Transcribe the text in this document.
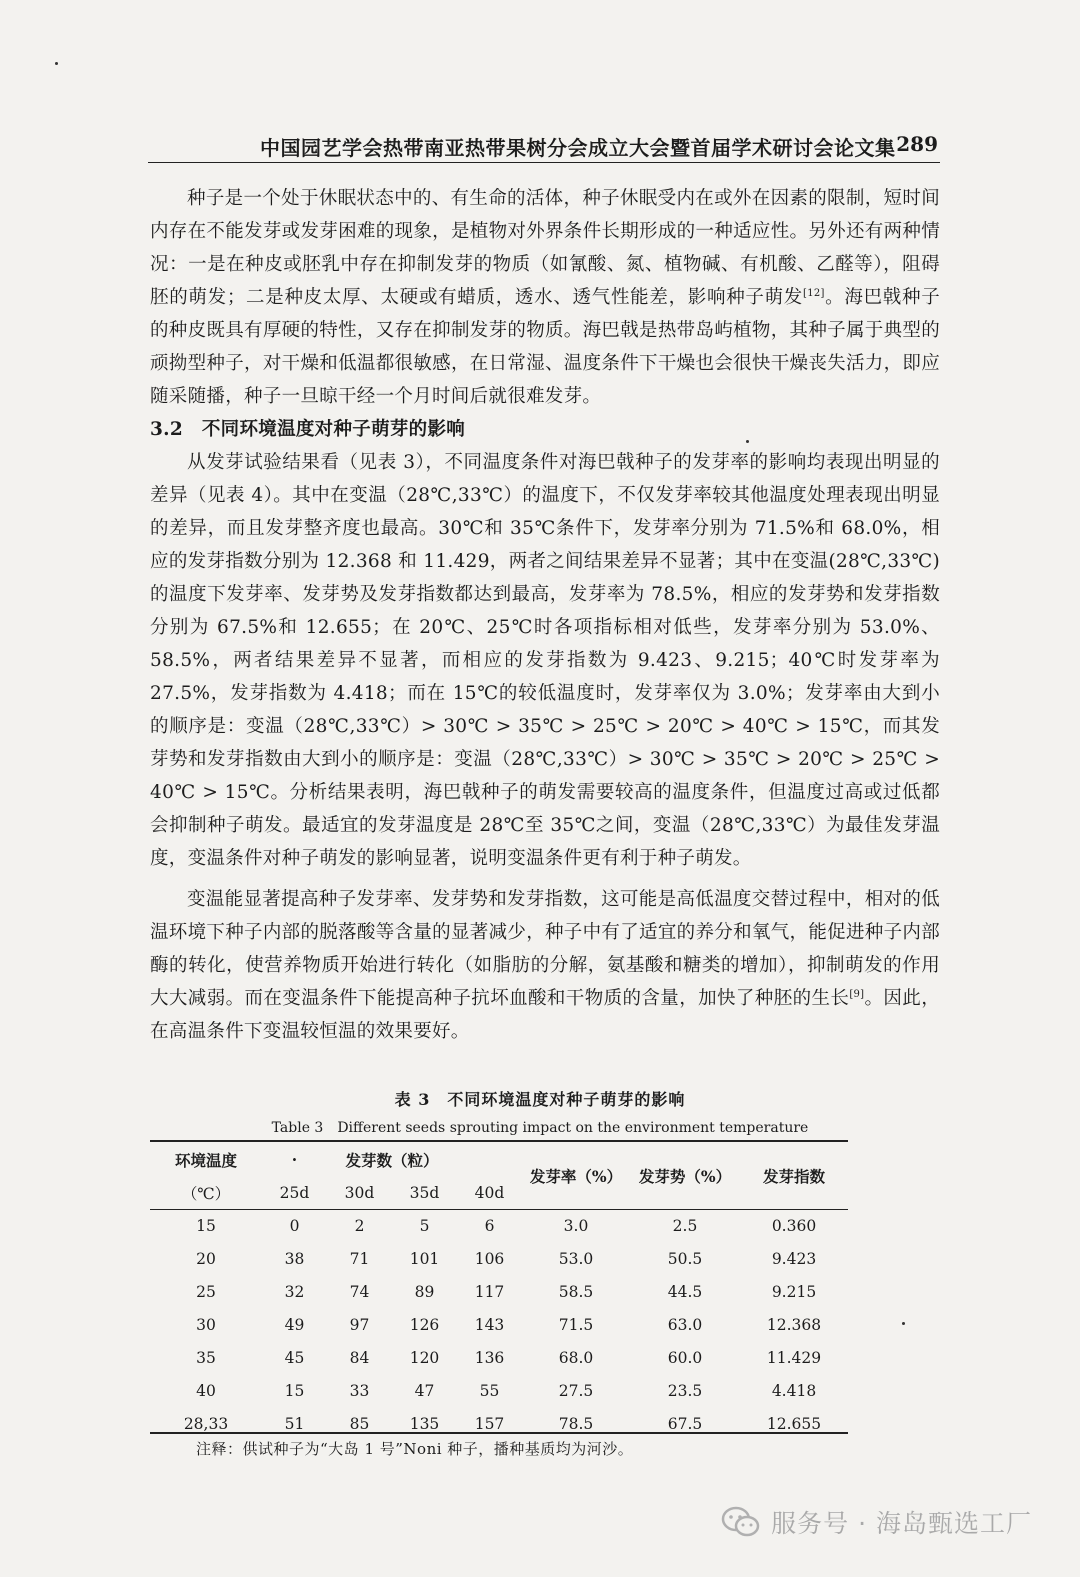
中国园艺学会热带南亚热带果树分会成立大会暨首届学术研讨会论文集 289

种子是一个处于休眠状态中的、有生命的活体，种子休眠受内在或外在因素的限制，短时间内存在不能发芽或发芽困难的现象，是植物对外界条件长期形成的一种适应性。另外还有两种情况：一是在种皮或胚乳中存在抑制发芽的物质（如氰酸、氮、植物碱、有机酸、乙醛等），阻碍胚的萌发；二是种皮太厚、太硬或有蜡质，透水、透气性能差，影响种子萌发[12]。海巴戟种子的种皮既具有厚硬的特性，又存在抑制发芽的物质。海巴戟是热带岛屿植物，其种子属于典型的顽拗型种子，对干燥和低温都很敏感，在日常湿、温度条件下干燥也会很快干燥丧失活力，即应随采随播，种子一旦晾干经一个月时间后就很难发芽。

3.2　不同环境温度对种子萌芽的影响

从发芽试验结果看（见表 3），不同温度条件对海巴戟种子的发芽率的影响均表现出明显的差异（见表 4）。其中在变温（28℃,33℃）的温度下，不仅发芽率较其他温度处理表现出明显的差异，而且发芽整齐度也最高。30℃和 35℃条件下，发芽率分别为 71.5%和 68.0%，相应的发芽指数分别为 12.368 和 11.429，两者之间结果差异不显著；其中在变温(28℃,33℃)的温度下发芽率、发芽势及发芽指数都达到最高，发芽率为 78.5%，相应的发芽势和发芽指数分别为 67.5%和 12.655；在 20℃、25℃时各项指标相对低些，发芽率分别为 53.0%、58.5%，两者结果差异不显著，而相应的发芽指数为 9.423、9.215；40℃时发芽率为 27.5%，发芽指数为 4.418；而在 15℃的较低温度时，发芽率仅为 3.0%；发芽率由大到小的顺序是：变温（28℃,33℃）> 30℃ > 35℃ > 25℃ > 20℃ > 40℃ > 15℃，而其发芽势和发芽指数由大到小的顺序是：变温（28℃,33℃）> 30℃ > 35℃ > 20℃ > 25℃ > 40℃ > 15℃。分析结果表明，海巴戟种子的萌发需要较高的温度条件，但温度过高或过低都会抑制种子萌发。最适宜的发芽温度是 28℃至 35℃之间，变温（28℃,33℃）为最佳发芽温度，变温条件对种子萌发的影响显著，说明变温条件更有利于种子萌发。

变温能显著提高种子发芽率、发芽势和发芽指数，这可能是高低温度交替过程中，相对的低温环境下种子内部的脱落酸等含量的显著减少，种子中有了适宜的养分和氧气，能促进种子内部酶的转化，使营养物质开始进行转化（如脂肪的分解，氨基酸和糖类的增加），抑制萌发的作用大大减弱。而在变温条件下能提高种子抗坏血酸和干物质的含量，加快了种胚的生长[9]。因此，在高温条件下变温较恒温的效果要好。

表 3　不同环境温度对种子萌芽的影响
Table 3　Different seeds sprouting impact on the environment temperature
环境温度	·	发芽数（粒）			发芽率（%）	发芽势（%）	发芽指数
（℃）	25d	30d	35d	40d			
15	0	2	5	6	3.0	2.5	0.360
20	38	71	101	106	53.0	50.5	9.423
25	32	74	89	117	58.5	44.5	9.215
30	49	97	126	143	71.5	63.0	12.368
35	45	84	120	136	68.0	60.0	11.429
40	15	33	47	55	27.5	23.5	4.418
28,33	51	85	135	157	78.5	67.5	12.655
注释：供试种子为“大岛 1 号”Noni 种子，播种基质均为河沙。
服务号 · 海岛甄选工厂
